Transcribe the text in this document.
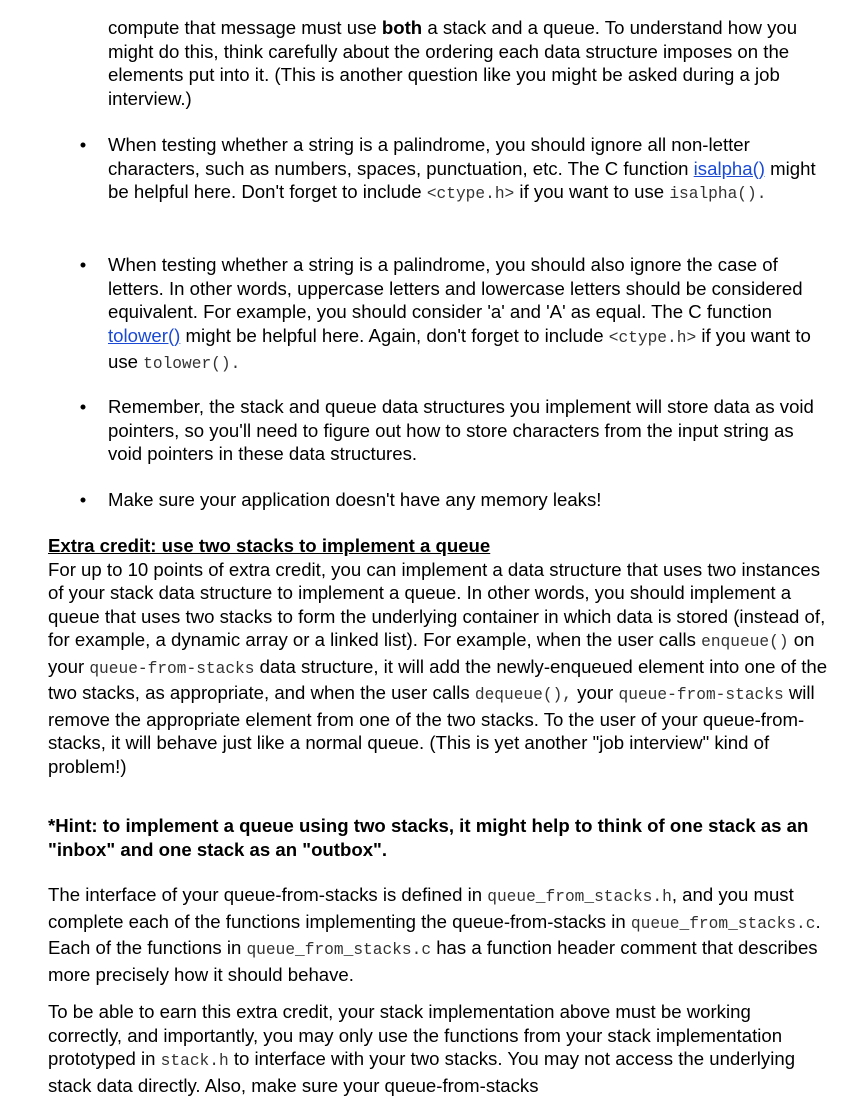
compute that message must use both a stack and a queue. To understand how you might do this, think carefully about the ordering each data structure imposes on the elements put into it. (This is another question like you might be asked during a job interview.)
• When testing whether a string is a palindrome, you should ignore all non-letter characters, such as numbers, spaces, punctuation, etc. The C function isalpha() might be helpful here. Don't forget to include <ctype.h> if you want to use isalpha().
• When testing whether a string is a palindrome, you should also ignore the case of letters. In other words, uppercase letters and lowercase letters should be considered equivalent. For example, you should consider 'a' and 'A' as equal. The C function tolower() might be helpful here. Again, don't forget to include <ctype.h> if you want to use tolower().
• Remember, the stack and queue data structures you implement will store data as void pointers, so you'll need to figure out how to store characters from the input string as void pointers in these data structures.
• Make sure your application doesn't have any memory leaks!
Extra credit: use two stacks to implement a queue
For up to 10 points of extra credit, you can implement a data structure that uses two instances of your stack data structure to implement a queue. In other words, you should implement a queue that uses two stacks to form the underlying container in which data is stored (instead of, for example, a dynamic array or a linked list). For example, when the user calls enqueue() on your queue-from-stacks data structure, it will add the newly-enqueued element into one of the two stacks, as appropriate, and when the user calls dequeue(), your queue-from-stacks will remove the appropriate element from one of the two stacks. To the user of your queue-from-stacks, it will behave just like a normal queue. (This is yet another "job interview" kind of problem!)
*Hint: to implement a queue using two stacks, it might help to think of one stack as an "inbox" and one stack as an "outbox".
The interface of your queue-from-stacks is defined in queue_from_stacks.h, and you must complete each of the functions implementing the queue-from-stacks in queue_from_stacks.c. Each of the functions in queue_from_stacks.c has a function header comment that describes more precisely how it should behave.
To be able to earn this extra credit, your stack implementation above must be working correctly, and importantly, you may only use the functions from your stack implementation prototyped in stack.h to interface with your two stacks. You may not access the underlying stack data directly. Also, make sure your queue-from-stacks
